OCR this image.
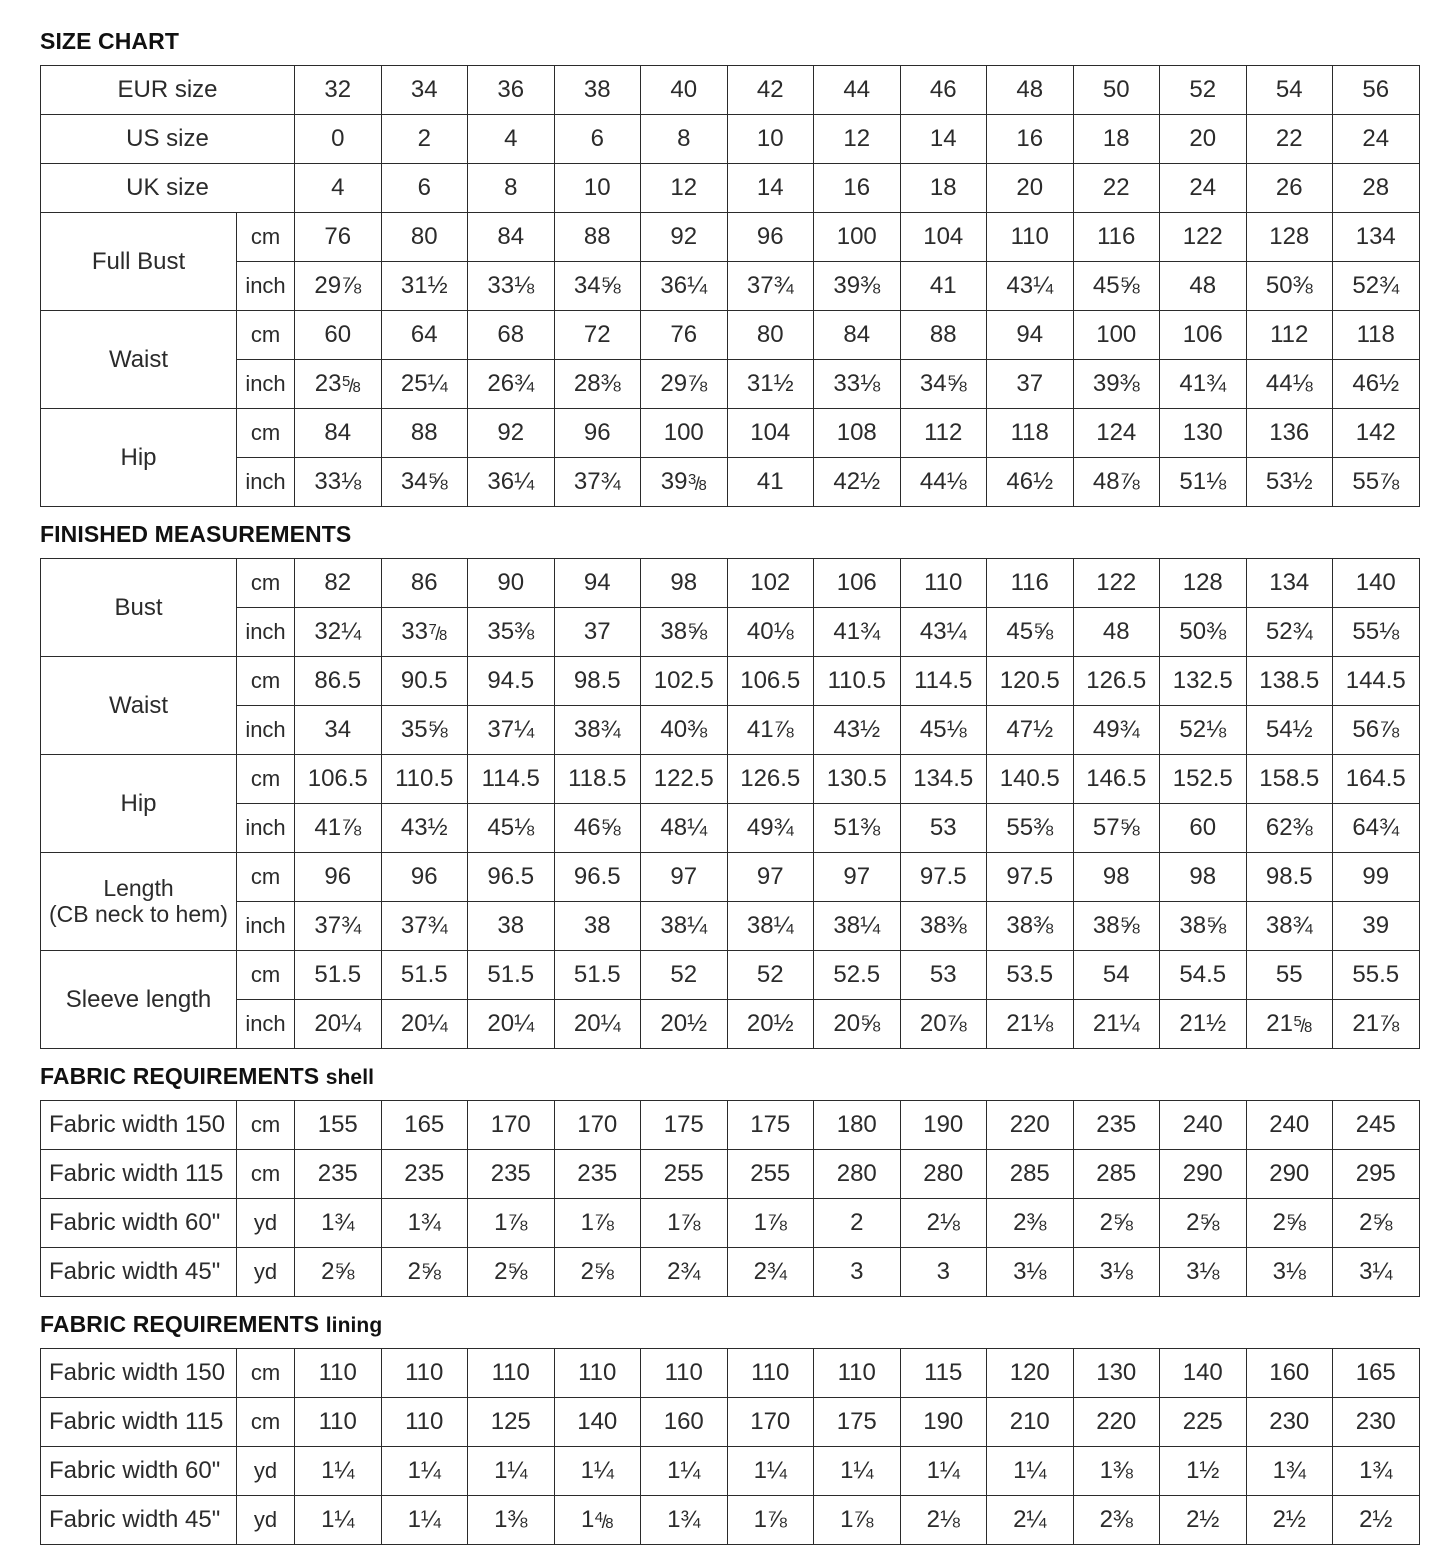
SIZE CHART
EUR size		32	34	36	38	40	42	44	46	48	50	52	54	56
US size		0	2	4	6	8	10	12	14	16	18	20	22	24
UK size		4	6	8	10	12	14	16	18	20	22	24	26	28
Full Bust	cm	76	80	84	88	92	96	100	104	110	116	122	128	134
	inch	29⅞	31½	33⅛	34⅝	36¼	37¾	39⅜	41	43¼	45⅝	48	50⅜	52¾
Waist	cm	60	64	68	72	76	80	84	88	94	100	106	112	118
	inch	235/8	25¼	26¾	28⅜	29⅞	31½	33⅛	34⅝	37	39⅜	41¾	44⅛	46½
Hip	cm	84	88	92	96	100	104	108	112	118	124	130	136	142
	inch	33⅛	34⅝	36¼	37¾	393/8	41	42½	44⅛	46½	48⅞	51⅛	53½	55⅞
FINISHED MEASUREMENTS
Bust	cm	82	86	90	94	98	102	106	110	116	122	128	134	140
	inch	32¼	337/8	35⅜	37	38⅝	40⅛	41¾	43¼	45⅝	48	50⅜	52¾	55⅛
Waist	cm	86.5	90.5	94.5	98.5	102.5	106.5	110.5	114.5	120.5	126.5	132.5	138.5	144.5
	inch	34	35⅝	37¼	38¾	40⅜	41⅞	43½	45⅛	47½	49¾	52⅛	54½	56⅞
Hip	cm	106.5	110.5	114.5	118.5	122.5	126.5	130.5	134.5	140.5	146.5	152.5	158.5	164.5
	inch	41⅞	43½	45⅛	46⅝	48¼	49¾	51⅜	53	55⅜	57⅝	60	62⅜	64¾
Length
(CB neck to hem)	cm	96	96	96.5	96.5	97	97	97	97.5	97.5	98	98	98.5	99
	inch	37¾	37¾	38	38	38¼	38¼	38¼	38⅜	38⅜	38⅝	38⅝	38¾	39
Sleeve length	cm	51.5	51.5	51.5	51.5	52	52	52.5	53	53.5	54	54.5	55	55.5
	inch	20¼	20¼	20¼	20¼	20½	20½	20⅝	20⅞	21⅛	21¼	21½	215/8	21⅞
FABRIC REQUIREMENTS shell
Fabric width 150	cm	155	165	170	170	175	175	180	190	220	235	240	240	245
Fabric width 115	cm	235	235	235	235	255	255	280	280	285	285	290	290	295
Fabric width 60"	yd	1¾	1¾	1⅞	1⅞	1⅞	1⅞	2	2⅛	2⅜	2⅝	2⅝	2⅝	2⅝
Fabric width 45"	yd	2⅝	2⅝	2⅝	2⅝	2¾	2¾	3	3	3⅛	3⅛	3⅛	3⅛	3¼
FABRIC REQUIREMENTS lining
Fabric width 150	cm	110	110	110	110	110	110	110	115	120	130	140	160	165
Fabric width 115	cm	110	110	125	140	160	170	175	190	210	220	225	230	230
Fabric width 60"	yd	1¼	1¼	1¼	1¼	1¼	1¼	1¼	1¼	1¼	1⅜	1½	1¾	1¾
Fabric width 45"	yd	1¼	1¼	1⅜	14/8	1¾	1⅞	1⅞	2⅛	2¼	2⅜	2½	2½	2½
